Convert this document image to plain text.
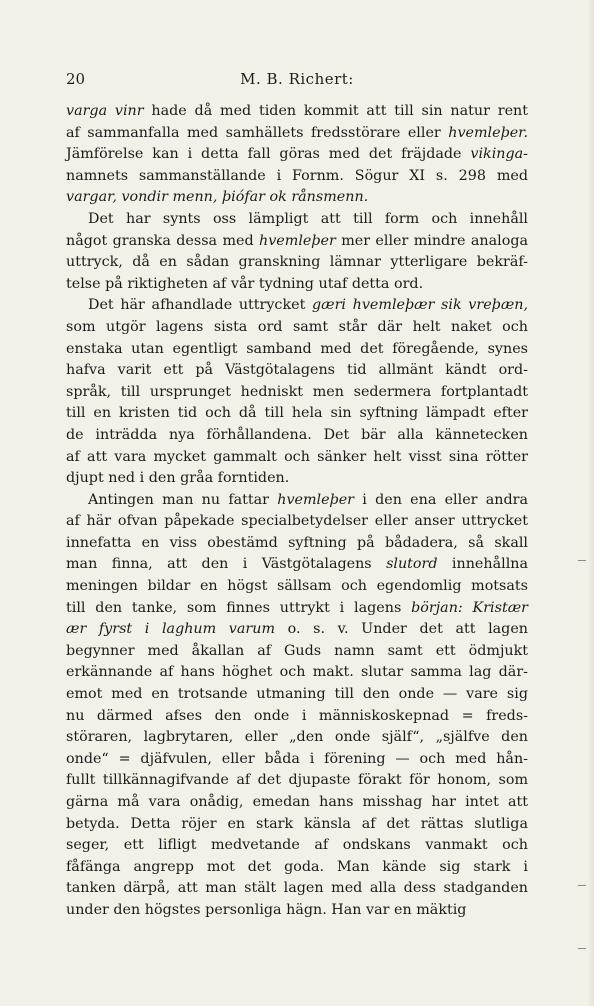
20	M. B. Richert:
varga vinr hade då med tiden kommit att till sin natur rent
af sammanfalla med samhällets fredsstörare eller hvemleþer.
Jämförelse kan i detta fall göras med det fräjdade vikinga-
namnets sammanställande i Fornm. Sögur XI s. 298 med
vargar, vondir menn, þiófar ok rånsmenn.
Det har synts oss lämpligt att till form och innehåll
något granska dessa med hvemleþer mer eller mindre analoga
uttryck, då en sådan granskning lämnar ytterligare bekräf-
telse på riktigheten af vår tydning utaf detta ord.
Det här afhandlade uttrycket gæri hvemleþær sik vreþæn,
som utgör lagens sista ord samt står där helt naket och
enstaka utan egentligt samband med det föregående, synes
hafva varit ett på Västgötalagens tid allmänt kändt ord-
språk, till ursprunget hedniskt men sedermera fortplantadt
till en kristen tid och då till hela sin syftning lämpadt efter
de inträdda nya förhållandena. Det bär alla kännetecken
af att vara mycket gammalt och sänker helt visst sina rötter
djupt ned i den gråa forntiden.
Antingen man nu fattar hvemleþer i den ena eller andra
af här ofvan påpekade specialbetydelser eller anser uttrycket
innefatta en viss obestämd syftning på bådadera, så skall
man finna, att den i Västgötalagens slutord innehållna
meningen bildar en högst sällsam och egendomlig motsats
till den tanke, som finnes uttrykt i lagens början: Kristær
ær fyrst i laghum varum o. s. v. Under det att lagen
begynner med åkallan af Guds namn samt ett ödmjukt
erkännande af hans höghet och makt. slutar samma lag där-
emot med en trotsande utmaning till den onde — vare sig
nu därmed afses den onde i människoskepnad = freds-
störaren, lagbrytaren, eller „den onde själf“, „själfve den
onde“ = djäfvulen, eller båda i förening — och med hån-
fullt tillkännagifvande af det djupaste förakt för honom, som
gärna må vara onådig, emedan hans misshag har intet att
betyda. Detta röjer en stark känsla af det rättas slutliga
seger, ett lifligt medvetande af ondskans vanmakt och
fåfänga angrepp mot det goda. Man kände sig stark i
tanken därpå, att man stält lagen med alla dess stadganden
under den högstes personliga hägn. Han var en mäktig
